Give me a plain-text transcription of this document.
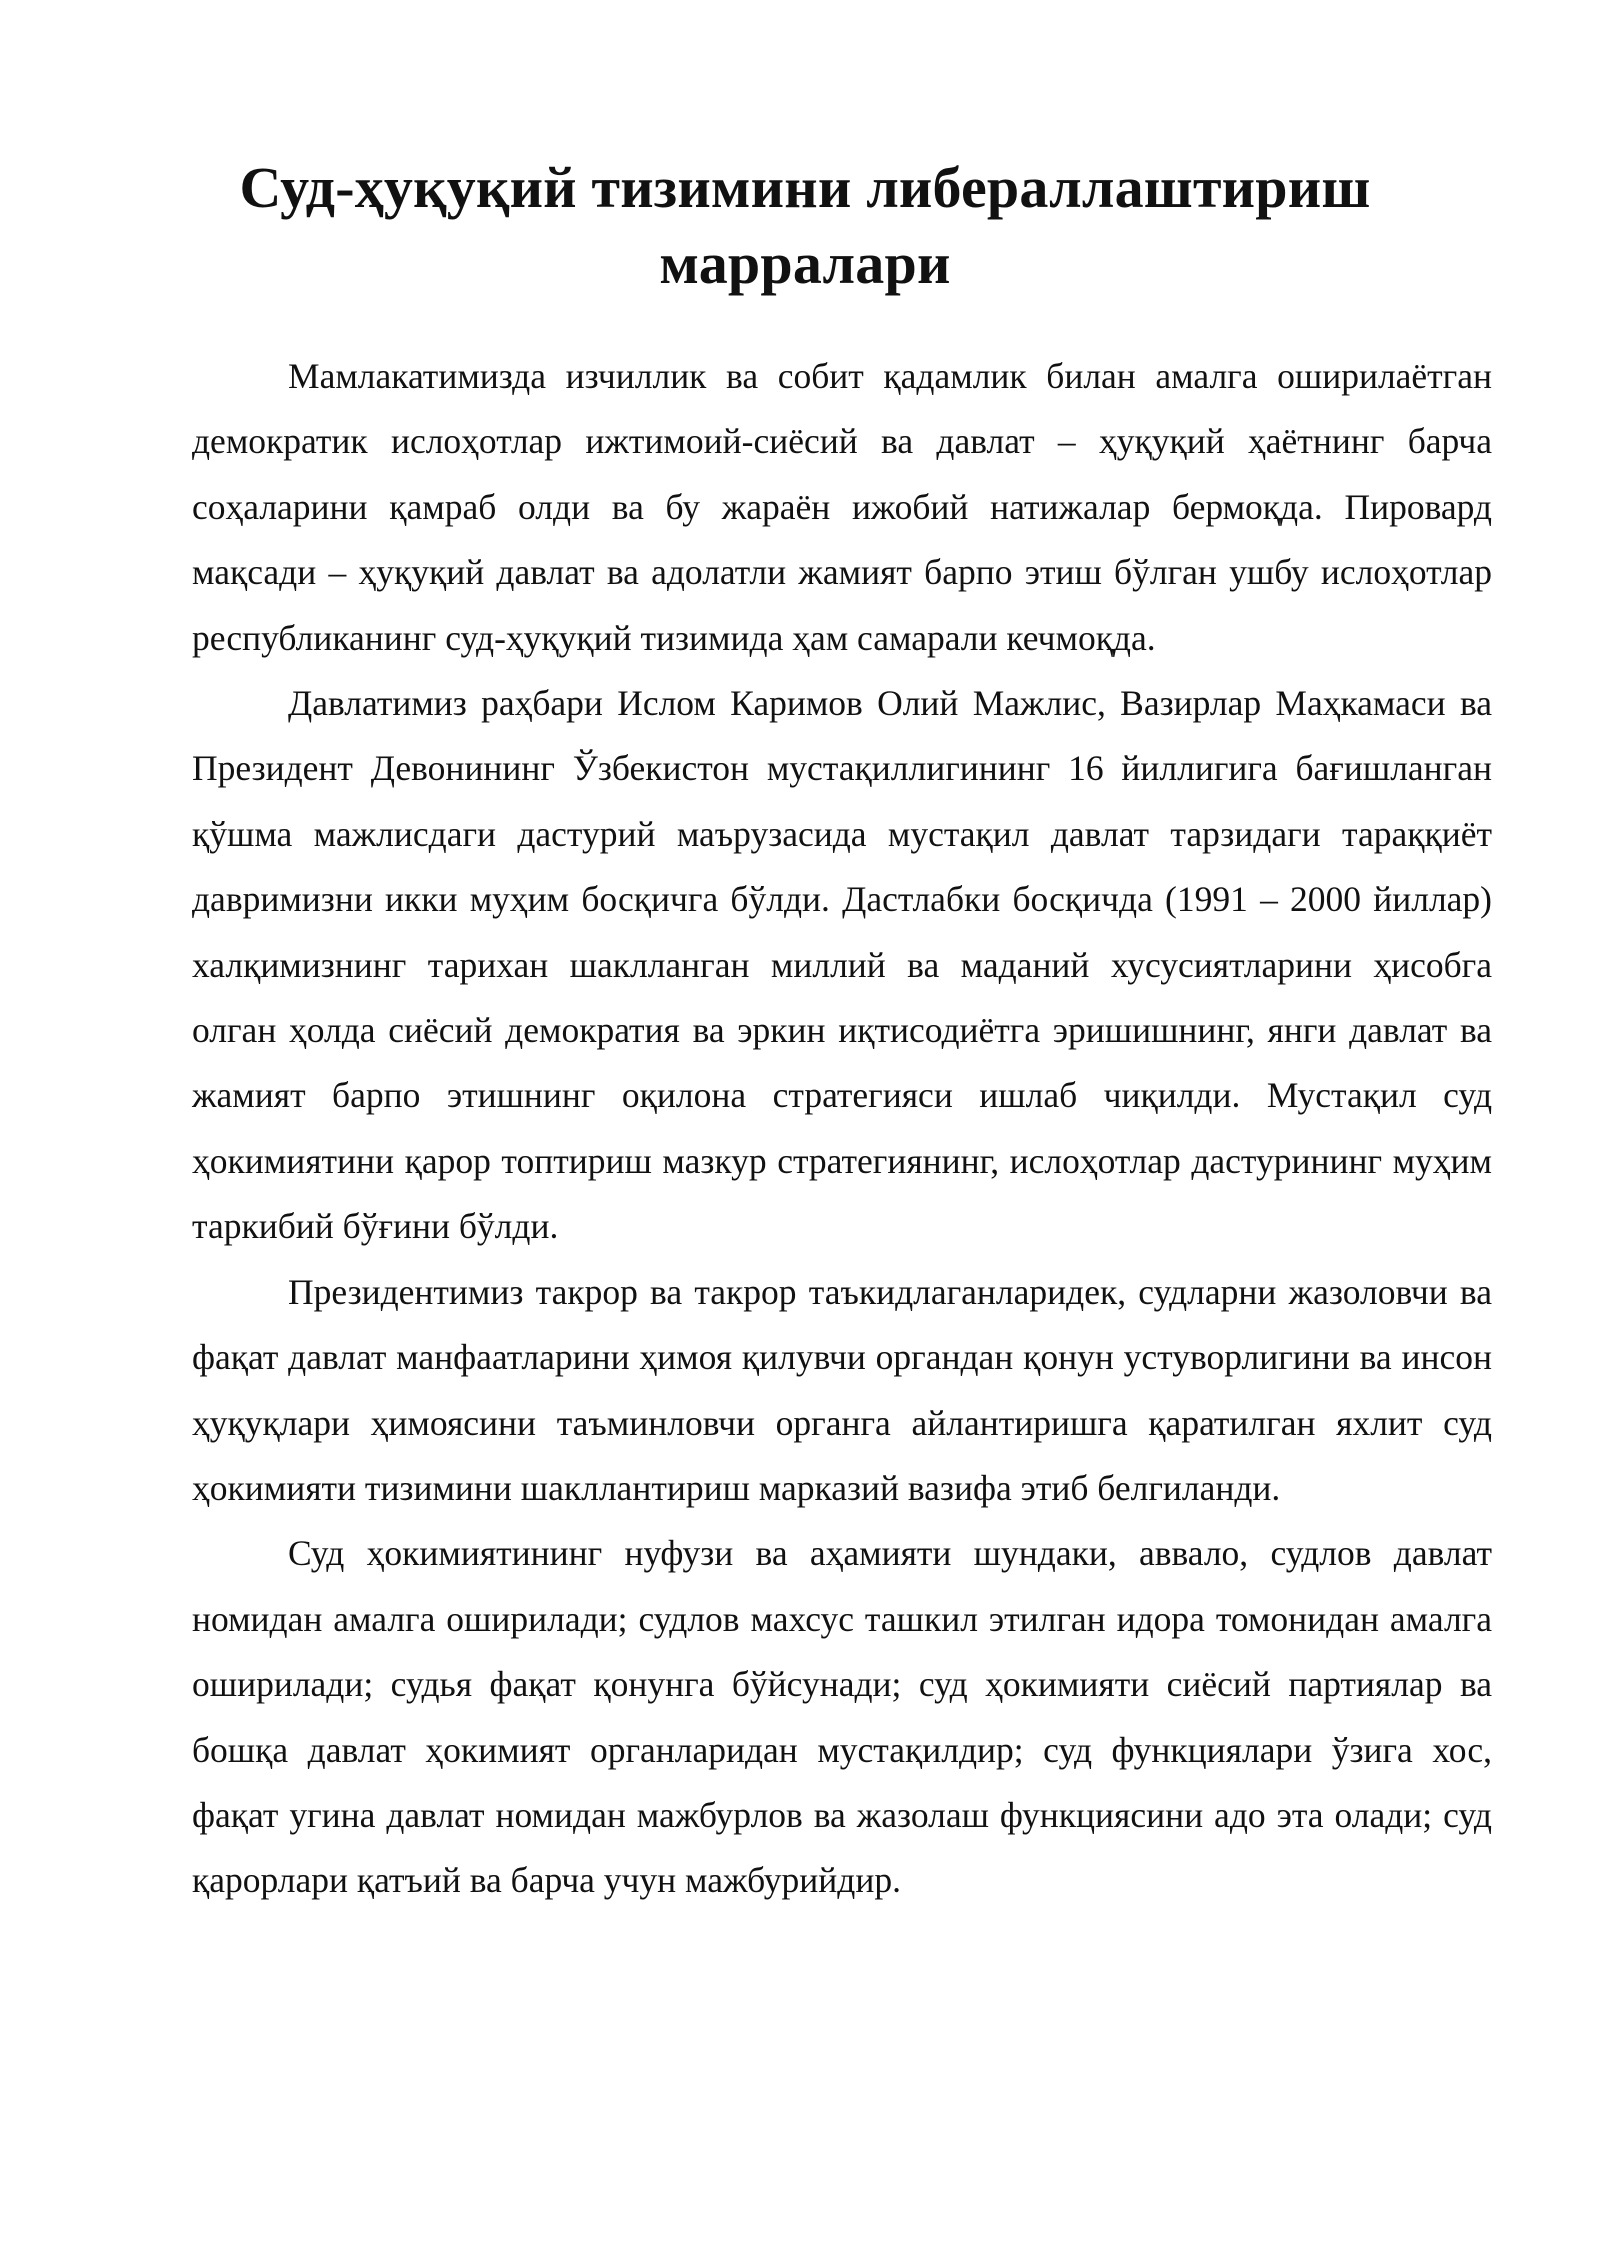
Суд-ҳуқуқий тизимини либераллаштириш марралари

Мамлакатимизда изчиллик ва собит қадамлик билан амалга оширилаётган демократик ислоҳотлар ижтимоий-сиёсий ва давлат – ҳуқуқий ҳаётнинг барча соҳаларини қамраб олди ва бу жараён ижобий натижалар бермоқда. Пировард мақсади – ҳуқуқий давлат ва адолатли жамият барпо этиш бўлган ушбу ислоҳотлар республиканинг суд-ҳуқуқий тизимида ҳам самарали кечмоқда.

Давлатимиз раҳбари Ислом Каримов Олий Мажлис, Вазирлар Маҳкамаси ва Президент Девонининг Ўзбекистон мустақиллигининг 16 йиллигига бағишланган қўшма мажлисдаги дастурий маърузасида мустақил давлат тарзидаги тараққиёт давримизни икки муҳим босқичга бўлди. Дастлабки босқичда (1991 – 2000 йиллар) халқимизнинг тарихан шаклланган миллий ва маданий хусусиятларини ҳисобга олган ҳолда сиёсий демократия ва эркин иқтисодиётга эришишнинг, янги давлат ва жамият барпо этишнинг оқилона стратегияси ишлаб чиқилди. Мустақил суд ҳокимиятини қарор топтириш мазкур стратегиянинг, ислоҳотлар дастурининг муҳим таркибий бўғини бўлди.

Президентимиз такрор ва такрор таъкидлаганларидек, судларни жазоловчи ва фақат давлат манфаатларини ҳимоя қилувчи органдан қонун устуворлигини ва инсон ҳуқуқлари ҳимоясини таъминловчи органга айлантиришга қаратилган яхлит суд ҳокимияти тизимини шакллантириш марказий вазифа этиб белгиланди.

Суд ҳокимиятининг нуфузи ва аҳамияти шундаки, аввало, судлов давлат номидан амалга оширилади; судлов махсус ташкил этилган идора томонидан амалга оширилади; судья фақат қонунга бўйсунади; суд ҳокимияти сиёсий партиялар ва бошқа давлат ҳокимият органларидан мустақилдир; суд функциялари ўзига хос, фақат угина давлат номидан мажбурлов ва жазолаш функциясини адо эта олади; суд қарорлари қатъий ва барча учун мажбурийдир.
